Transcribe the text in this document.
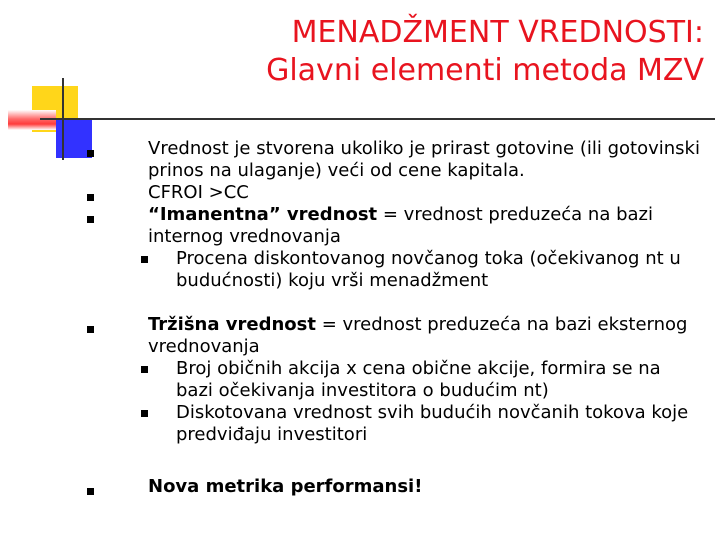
MENADŽMENT VREDNOSTI:
Glavni elementi metoda MZV
Vrednost je stvorena ukoliko je prirast gotovine (ili gotovinski prinos na ulaganje) veći od cene kapitala.
CFROI >CC
“Imanentna” vrednost = vrednost preduzeća na bazi internog vrednovanja
Procena diskontovanog novčanog toka (očekivanog nt u budućnosti) koju vrši menadžment
Tržišna vrednost = vrednost preduzeća na bazi eksternog vrednovanja
Broj običnih akcija x cena obične akcije, formira se na bazi očekivanja investitora o budućim nt)
Diskotovana vrednost svih budućih novčanih tokova koje predviđaju investitori
Nova metrika performansi!
